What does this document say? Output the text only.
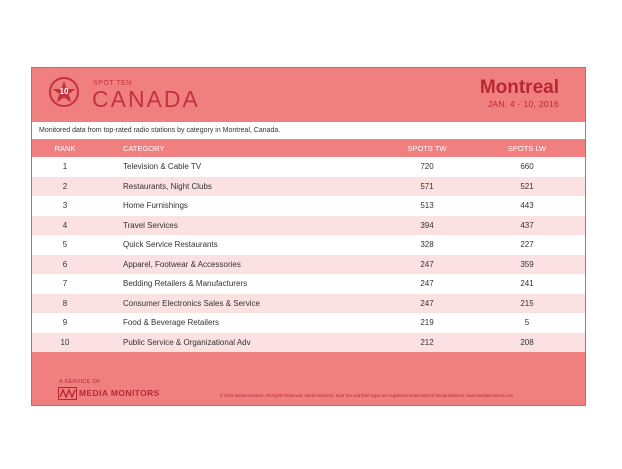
10
SPOT TEN
CANADA	Montreal
JAN. 4 - 10, 2016
Monitored data from top-rated radio stations by category in Montreal, Canada.
RANK	CATEGORY	SPOTS TW	SPOTS LW
1	Television & Cable TV	720	660
2	Restaurants, Night Clubs	571	521
3	Home Furnishings	513	443
4	Travel Services	394	437
5	Quick Service Restaurants	328	227
6	Apparel, Footwear & Accessories	247	359
7	Bedding Retailers & Manufacturers	247	241
8	Consumer Electronics Sales & Service	247	215
9	Food & Beverage Retailers	219	5
10	Public Service & Organizational Adv	212	208
A SERVICE OF
MEDIA MONITORS	© 2016 Media Monitors. All Rights Reserved. Media Monitors, Spot Ten and their logos are registered trademarks of Media Monitors. www.mediamonitors.com
